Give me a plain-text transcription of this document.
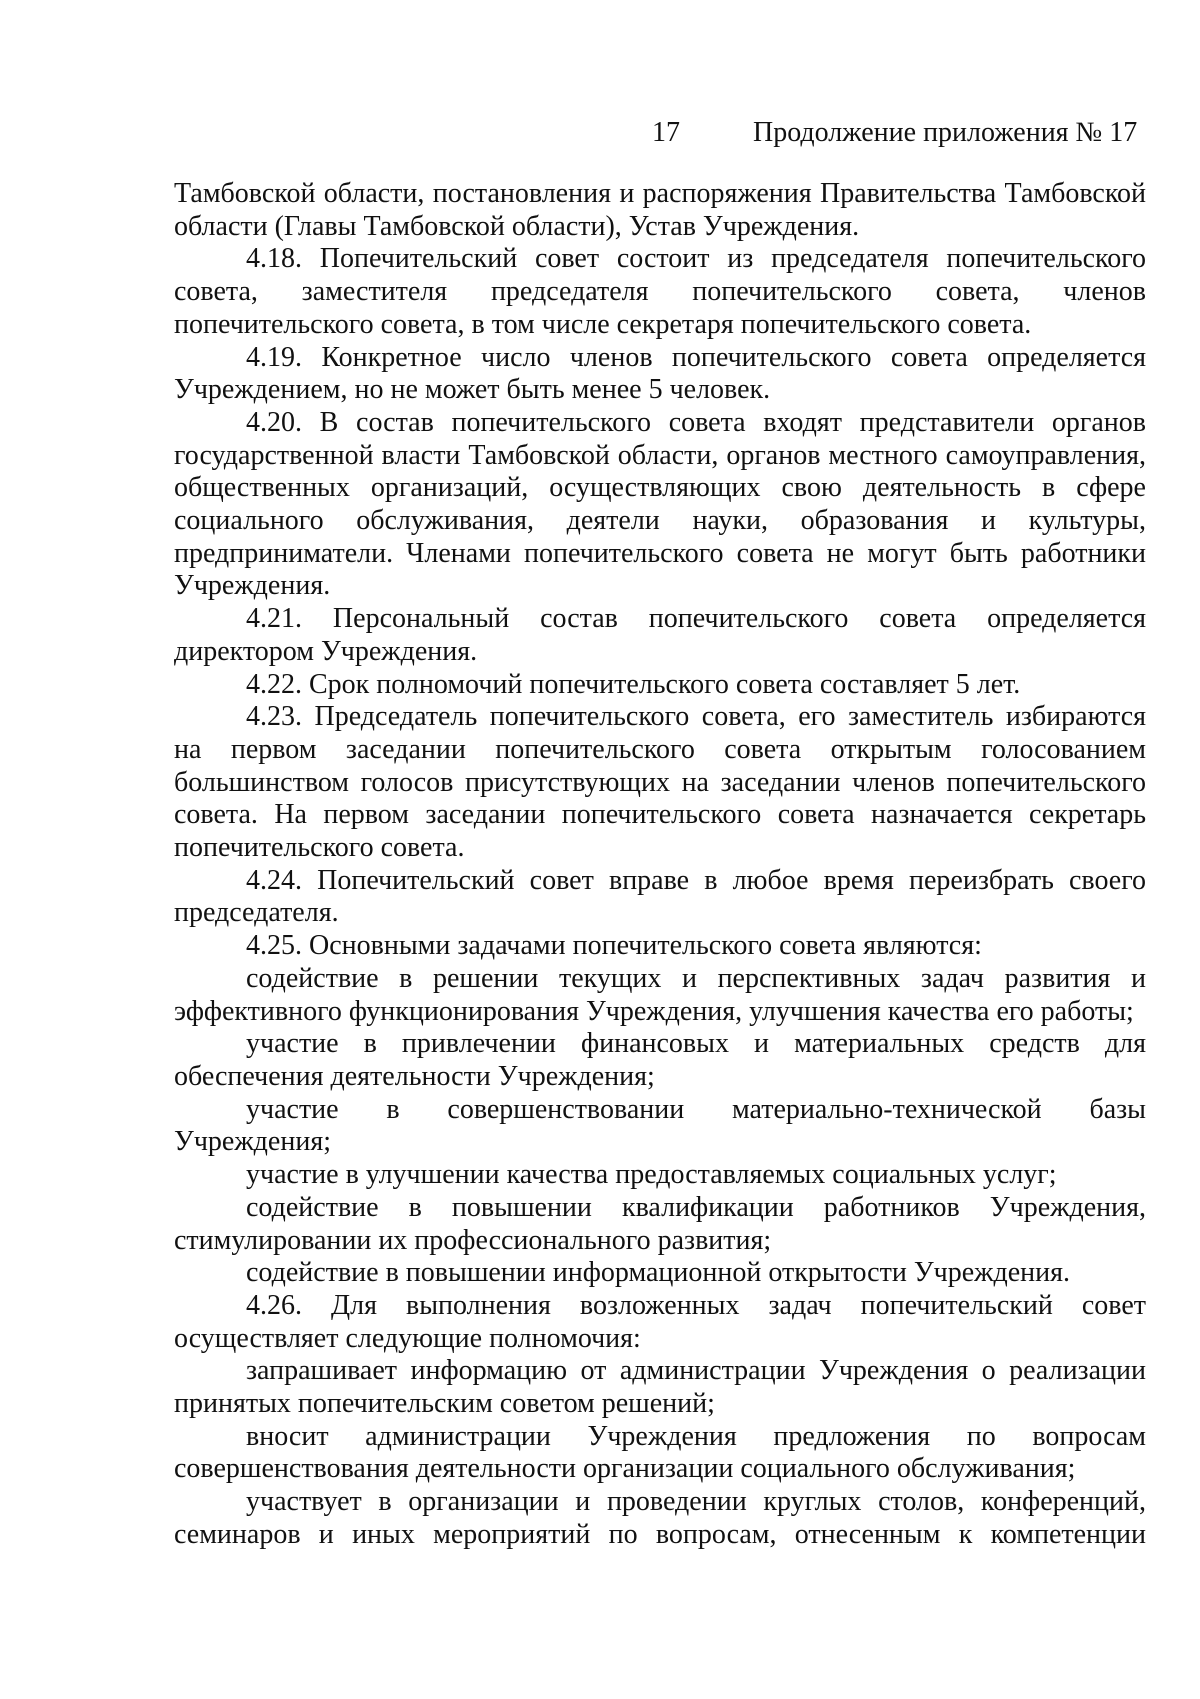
17	Продолжение приложения № 17

Тамбовской области, постановления и распоряжения Правительства Тамбовской области (Главы Тамбовской области), Устав Учреждения.

4.18. Попечительский совет состоит из председателя попечительского совета, заместителя председателя попечительского совета, членов попечительского совета, в том числе секретаря попечительского совета.

4.19. Конкретное число членов попечительского совета определяется Учреждением, но не может быть менее 5 человек.

4.20. В состав попечительского совета входят представители органов государственной власти Тамбовской области, органов местного самоуправления, общественных организаций, осуществляющих свою деятельность в сфере социального обслуживания, деятели науки, образования и культуры, предприниматели. Членами попечительского совета не могут быть работники Учреждения.

4.21. Персональный состав попечительского совета определяется директором Учреждения.

4.22. Срок полномочий попечительского совета составляет 5 лет.

4.23. Председатель попечительского совета, его заместитель избираются на первом заседании попечительского совета открытым голосованием большинством голосов присутствующих на заседании членов попечительского совета. На первом заседании попечительского совета назначается секретарь попечительского совета.

4.24. Попечительский совет вправе в любое время переизбрать своего председателя.

4.25. Основными задачами попечительского совета являются:

содействие в решении текущих и перспективных задач развития и эффективного функционирования Учреждения, улучшения качества его работы;

участие в привлечении финансовых и материальных средств для обеспечения деятельности Учреждения;

участие в совершенствовании материально-технической базы Учреждения;

участие в улучшении качества предоставляемых социальных услуг;

содействие в повышении квалификации работников Учреждения, стимулировании их профессионального развития;

содействие в повышении информационной открытости Учреждения.

4.26. Для выполнения возложенных задач попечительский совет осуществляет следующие полномочия:

запрашивает информацию от администрации Учреждения о реализации принятых попечительским советом решений;

вносит администрации Учреждения предложения по вопросам совершенствования деятельности организации социального обслуживания;

участвует в организации и проведении круглых столов, конференций, семинаров и иных мероприятий по вопросам, отнесенным к компетенции
